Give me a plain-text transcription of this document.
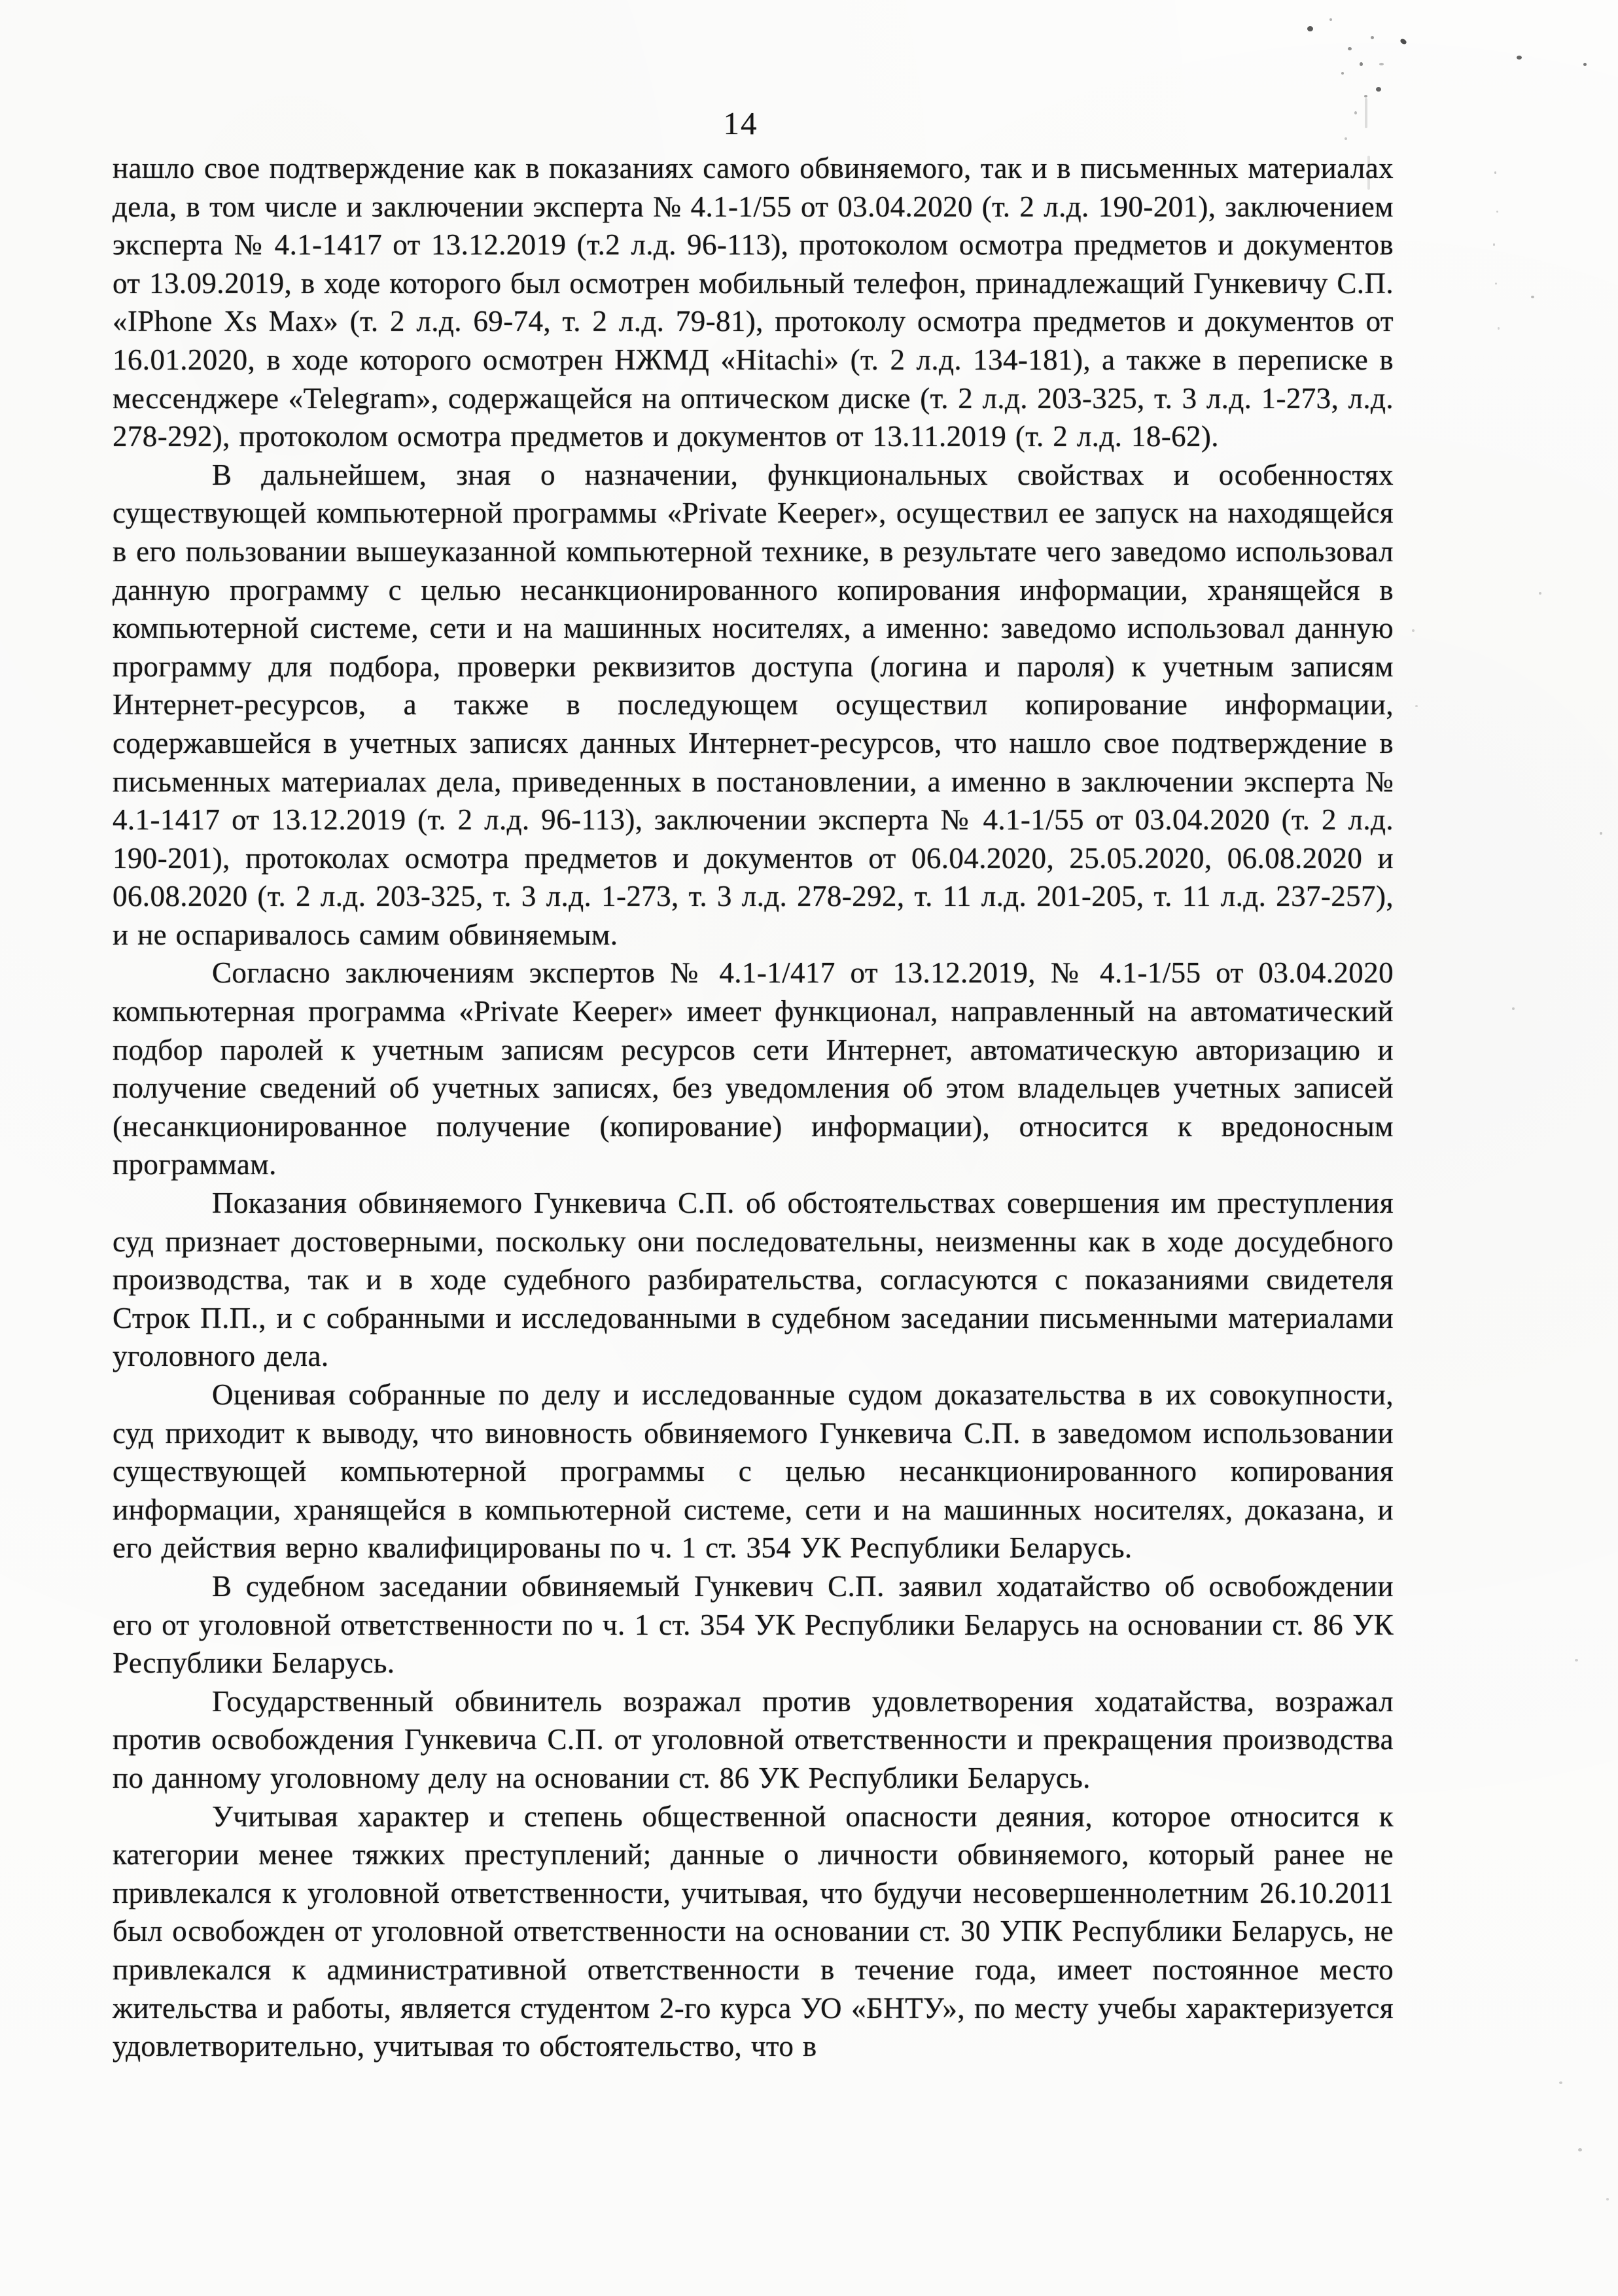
14

нашло свое подтверждение как в показаниях самого обвиняемого, так и в письменных материалах дела, в том числе и заключении эксперта № 4.1-1/55 от 03.04.2020 (т. 2 л.д. 190-201), заключением эксперта № 4.1-1417 от 13.12.2019 (т.2 л.д. 96-113), протоколом осмотра предметов и документов от 13.09.2019, в ходе которого был осмотрен мобильный телефон, принадлежащий Гункевичу С.П. «IPhone Xs Max» (т. 2 л.д. 69-74, т. 2 л.д. 79-81), протоколу осмотра предметов и документов от 16.01.2020, в ходе которого осмотрен НЖМД «Hitachi» (т. 2 л.д. 134-181), а также в переписке в мессенджере «Telegram», содержащейся на оптическом диске (т. 2 л.д. 203-325, т. 3 л.д. 1-273, л.д. 278-292), протоколом осмотра предметов и документов от 13.11.2019 (т. 2 л.д. 18-62).

В дальнейшем, зная о назначении, функциональных свойствах и особенностях существующей компьютерной программы «Private Keeper», осуществил ее запуск на находящейся в его пользовании вышеуказанной компьютерной технике, в результате чего заведомо использовал данную программу с целью несанкционированного копирования информации, хранящейся в компьютерной системе, сети и на машинных носителях, а именно: заведомо использовал данную программу для подбора, проверки реквизитов доступа (логина и пароля) к учетным записям Интернет-ресурсов, а также в последующем осуществил копирование информации, содержавшейся в учетных записях данных Интернет-ресурсов, что нашло свое подтверждение в письменных материалах дела, приведенных в постановлении, а именно в заключении эксперта № 4.1-1417 от 13.12.2019 (т. 2 л.д. 96-113), заключении эксперта № 4.1-1/55 от 03.04.2020 (т. 2 л.д. 190-201), протоколах осмотра предметов и документов от 06.04.2020, 25.05.2020, 06.08.2020 и 06.08.2020 (т. 2 л.д. 203-325, т. 3 л.д. 1-273, т. 3 л.д. 278-292, т. 11 л.д. 201-205, т. 11 л.д. 237-257), и не оспаривалось самим обвиняемым.

Согласно заключениям экспертов № 4.1-1/417 от 13.12.2019, № 4.1-1/55 от 03.04.2020 компьютерная программа «Private Keeper» имеет функционал, направленный на автоматический подбор паролей к учетным записям ресурсов сети Интернет, автоматическую авторизацию и получение сведений об учетных записях, без уведомления об этом владельцев учетных записей (несанкционированное получение (копирование) информации), относится к вредоносным программам.

Показания обвиняемого Гункевича С.П. об обстоятельствах совершения им преступления суд признает достоверными, поскольку они последовательны, неизменны как в ходе досудебного производства, так и в ходе судебного разбирательства, согласуются с показаниями свидетеля Строк П.П., и с собранными и исследованными в судебном заседании письменными материалами уголовного дела.

Оценивая собранные по делу и исследованные судом доказательства в их совокупности, суд приходит к выводу, что виновность обвиняемого Гункевича С.П. в заведомом использовании существующей компьютерной программы с целью несанкционированного копирования информации, хранящейся в компьютерной системе, сети и на машинных носителях, доказана, и его действия верно квалифицированы по ч. 1 ст. 354 УК Республики Беларусь.

В судебном заседании обвиняемый Гункевич С.П. заявил ходатайство об освобождении его от уголовной ответственности по ч. 1 ст. 354 УК Республики Беларусь на основании ст. 86 УК Республики Беларусь.

Государственный обвинитель возражал против удовлетворения ходатайства, возражал против освобождения Гункевича С.П. от уголовной ответственности и прекращения производства по данному уголовному делу на основании ст. 86 УК Республики Беларусь.

Учитывая характер и степень общественной опасности деяния, которое относится к категории менее тяжких преступлений; данные о личности обвиняемого, который ранее не привлекался к уголовной ответственности, учитывая, что будучи несовершеннолетним 26.10.2011 был освобожден от уголовной ответственности на основании ст. 30 УПК Республики Беларусь, не привлекался к административной ответственности в течение года, имеет постоянное место жительства и работы, является студентом 2-го курса УО «БНТУ», по месту учебы характеризуется удовлетворительно, учитывая то обстоятельство, что в
